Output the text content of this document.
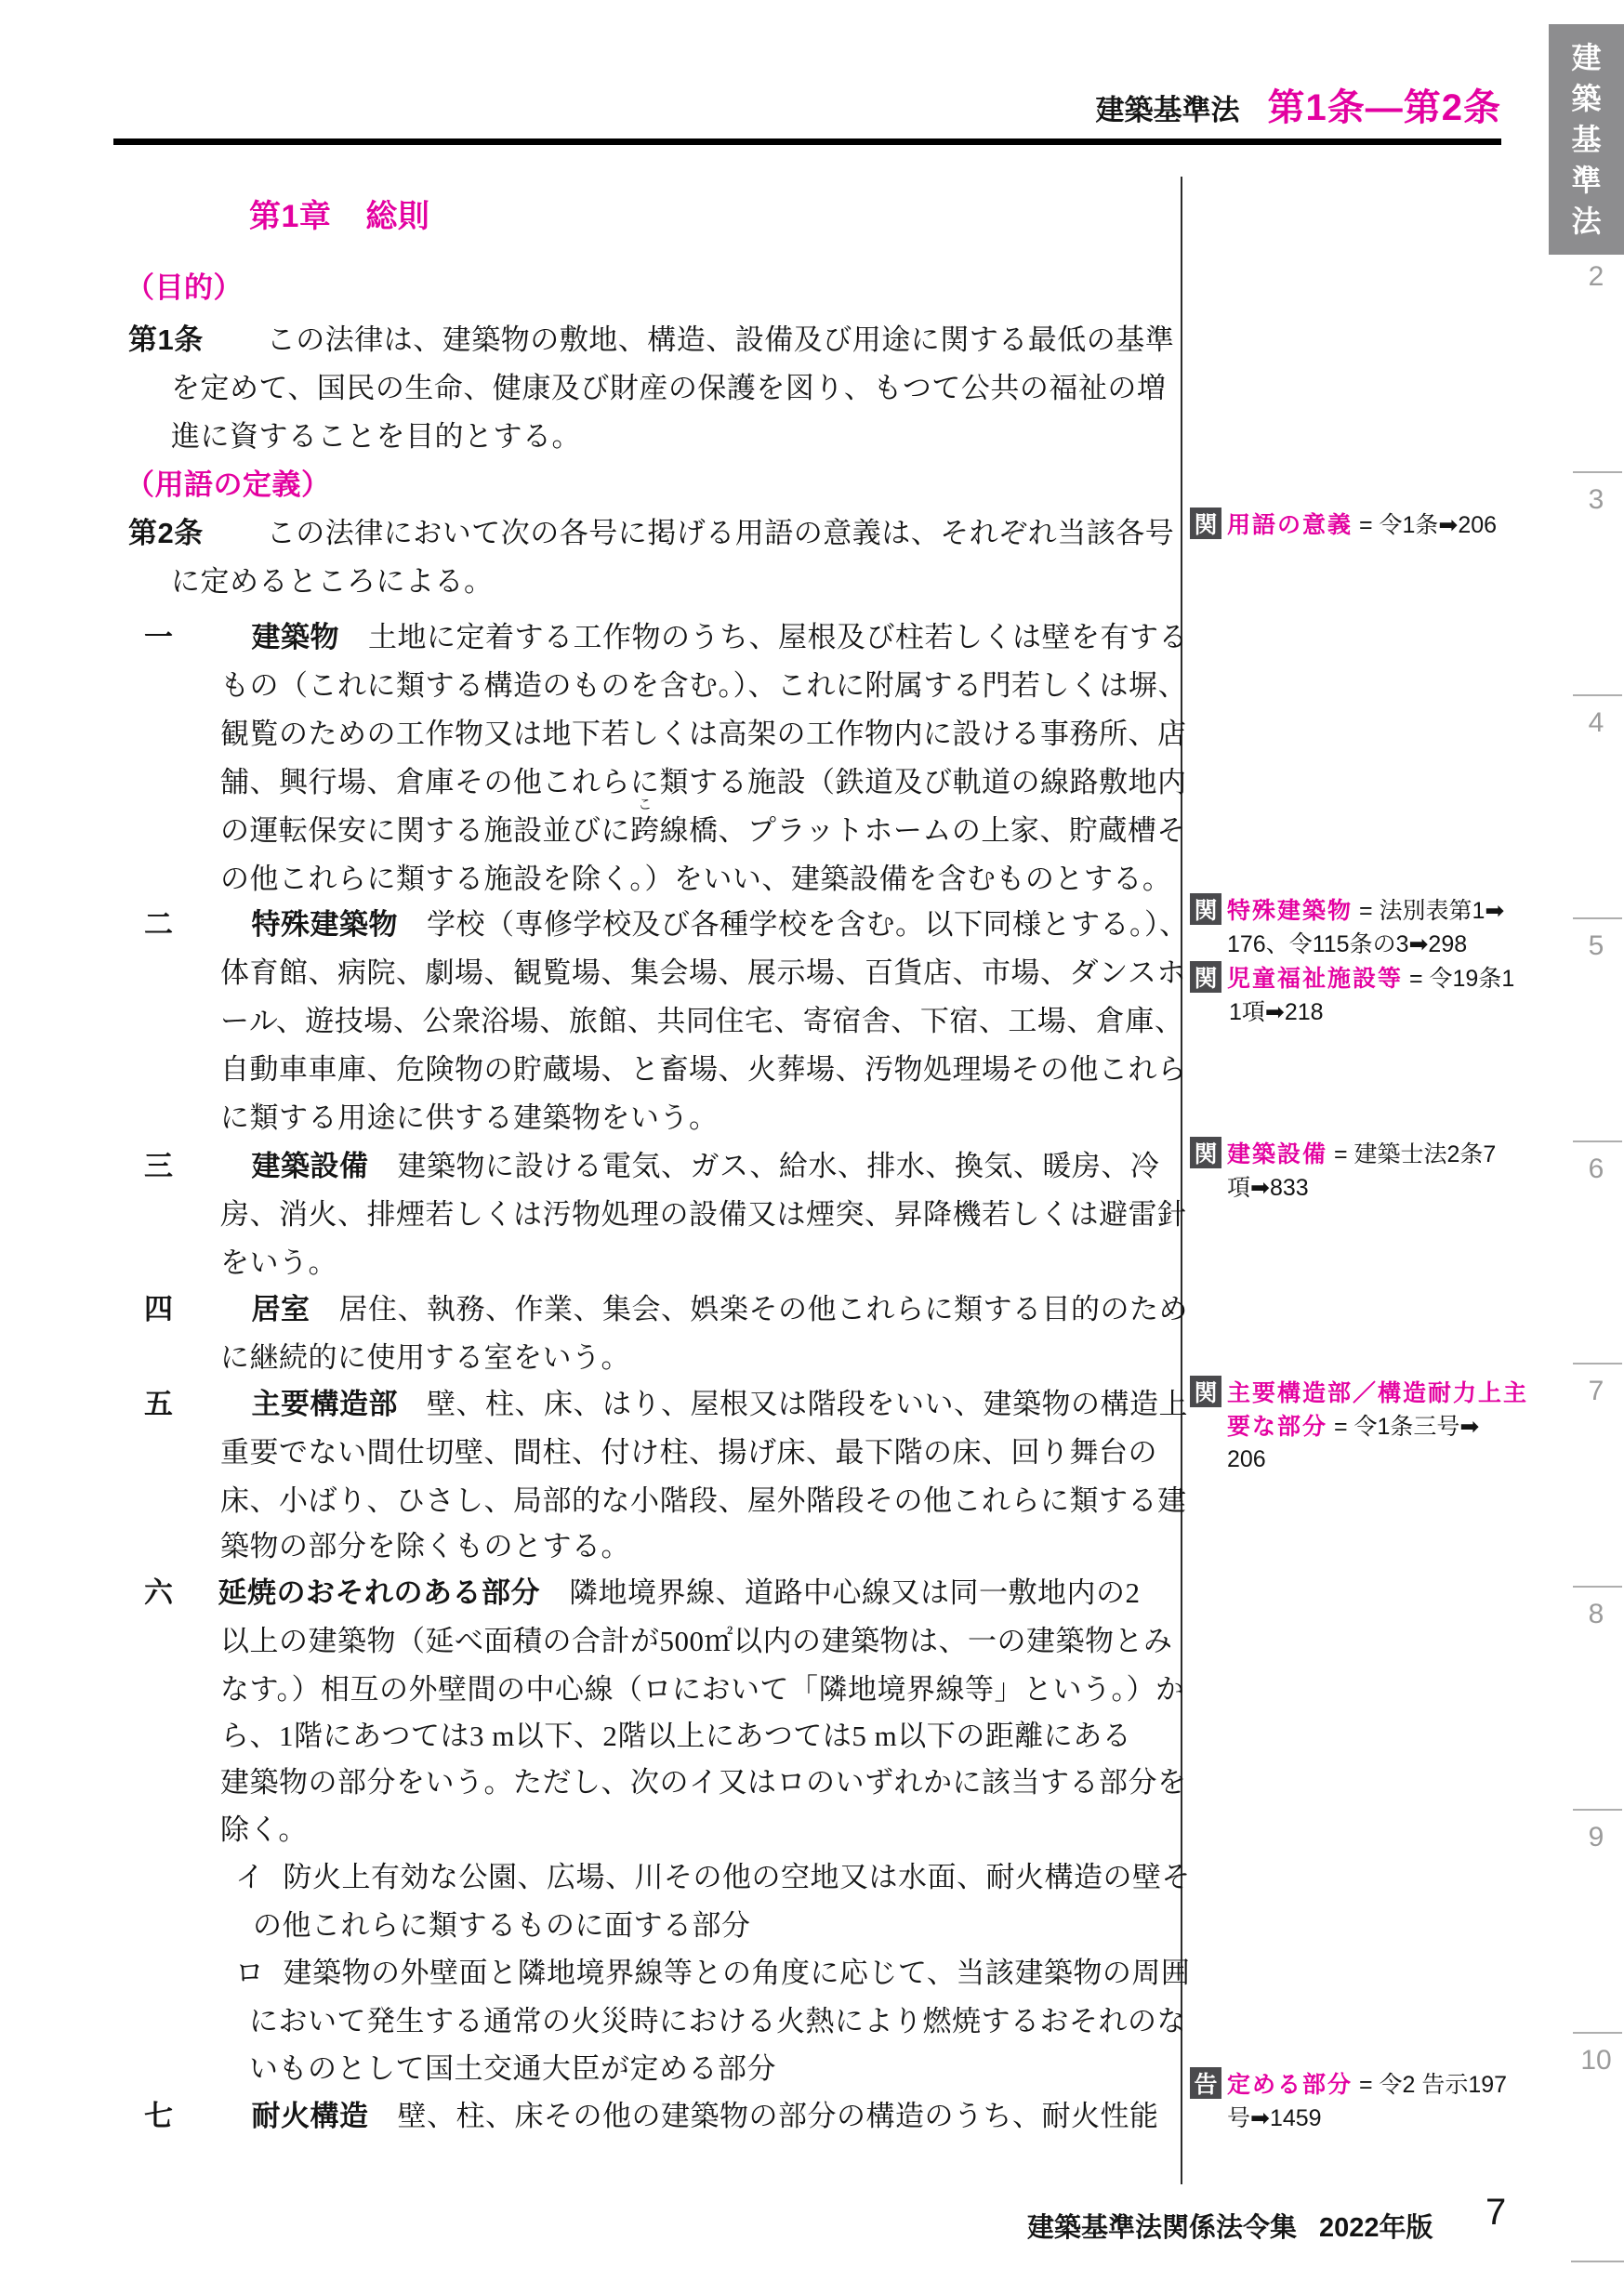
建築基準法 第1条—第2条
第1章 総則
（目的）
第1条 この法律は、建築物の敷地、構造、設備及び用途に関する最低の基準
を定めて、国民の生命、健康及び財産の保護を図り、もつて公共の福祉の増
進に資することを目的とする。
（用語の定義）
第2条 この法律において次の各号に掲げる用語の意義は、それぞれ当該各号
に定めるところによる。
一	建築物 土地に定着する工作物のうち、屋根及び柱若しくは壁を有する
もの（これに類する構造のものを含む。）、これに附属する門若しくは塀、
観覧のための工作物又は地下若しくは高架の工作物内に設ける事務所、店
舗、興行場、倉庫その他これらに類する施設（鉄道及び軌道の線路敷地内
の運転保安に関する施設並びに跨
こ
線橋、プラットホームの上家、貯蔵槽そ
の他これらに類する施設を除く。）をいい、建築設備を含むものとする。
二	特殊建築物 学校（専修学校及び各種学校を含む。以下同様とする。）、
体育館、病院、劇場、観覧場、集会場、展示場、百貨店、市場、ダンスホ
ール、遊技場、公衆浴場、旅館、共同住宅、寄宿舎、下宿、工場、倉庫、
自動車車庫、危険物の貯蔵場、と畜場、火葬場、汚物処理場その他これら
に類する用途に供する建築物をいう。
三	建築設備 建築物に設ける電気、ガス、給水、排水、換気、暖房、冷
房、消火、排煙若しくは汚物処理の設備又は煙突、昇降機若しくは避雷針
をいう。
四	居室 居住、執務、作業、集会、娯楽その他これらに類する目的のため
に継続的に使用する室をいう。
五	主要構造部 壁、柱、床、はり、屋根又は階段をいい、建築物の構造上
重要でない間仕切壁、間柱、付け柱、揚げ床、最下階の床、回り舞台の
床、小ばり、ひさし、局部的な小階段、屋外階段その他これらに類する建
築物の部分を除くものとする。
六 延焼のおそれのある部分 隣地境界線、道路中心線又は同一敷地内の2
以上の建築物（延べ面積の合計が500㎡以内の建築物は、一の建築物とみ
なす。）相互の外壁間の中心線（ロにおいて「隣地境界線等」という。）か
ら、1階にあつては3 m以下、2階以上にあつては5 m以下の距離にある
建築物の部分をいう。ただし、次のイ又はロのいずれかに該当する部分を
除く。
イ 防火上有効な公園、広場、川その他の空地又は水面、耐火構造の壁そ
の他これらに類するものに面する部分
ロ 建築物の外壁面と隣地境界線等との角度に応じて、当該建築物の周囲
において発生する通常の火災時における火熱により燃焼するおそれのな
いものとして国土交通大臣が定める部分
七	耐火構造 壁、柱、床その他の建築物の部分の構造のうち、耐火性能
関 用語の意義 = 令1条➡206
関 特殊建築物 = 法別表第1➡
176、令115条の3➡298
関 児童福祉施設等 = 令19条1
1項➡218
関 建築設備 = 建築士法2条7
項➡833
関 主要構造部／構造耐力上主
要な部分 = 令1条三号➡
206
告 定める部分 = 令2 告示197
号➡1459
建
築
基
準
法
2
3
4
5
6
7
8
9
10
建築基準法関係法令集 2022年版 7
